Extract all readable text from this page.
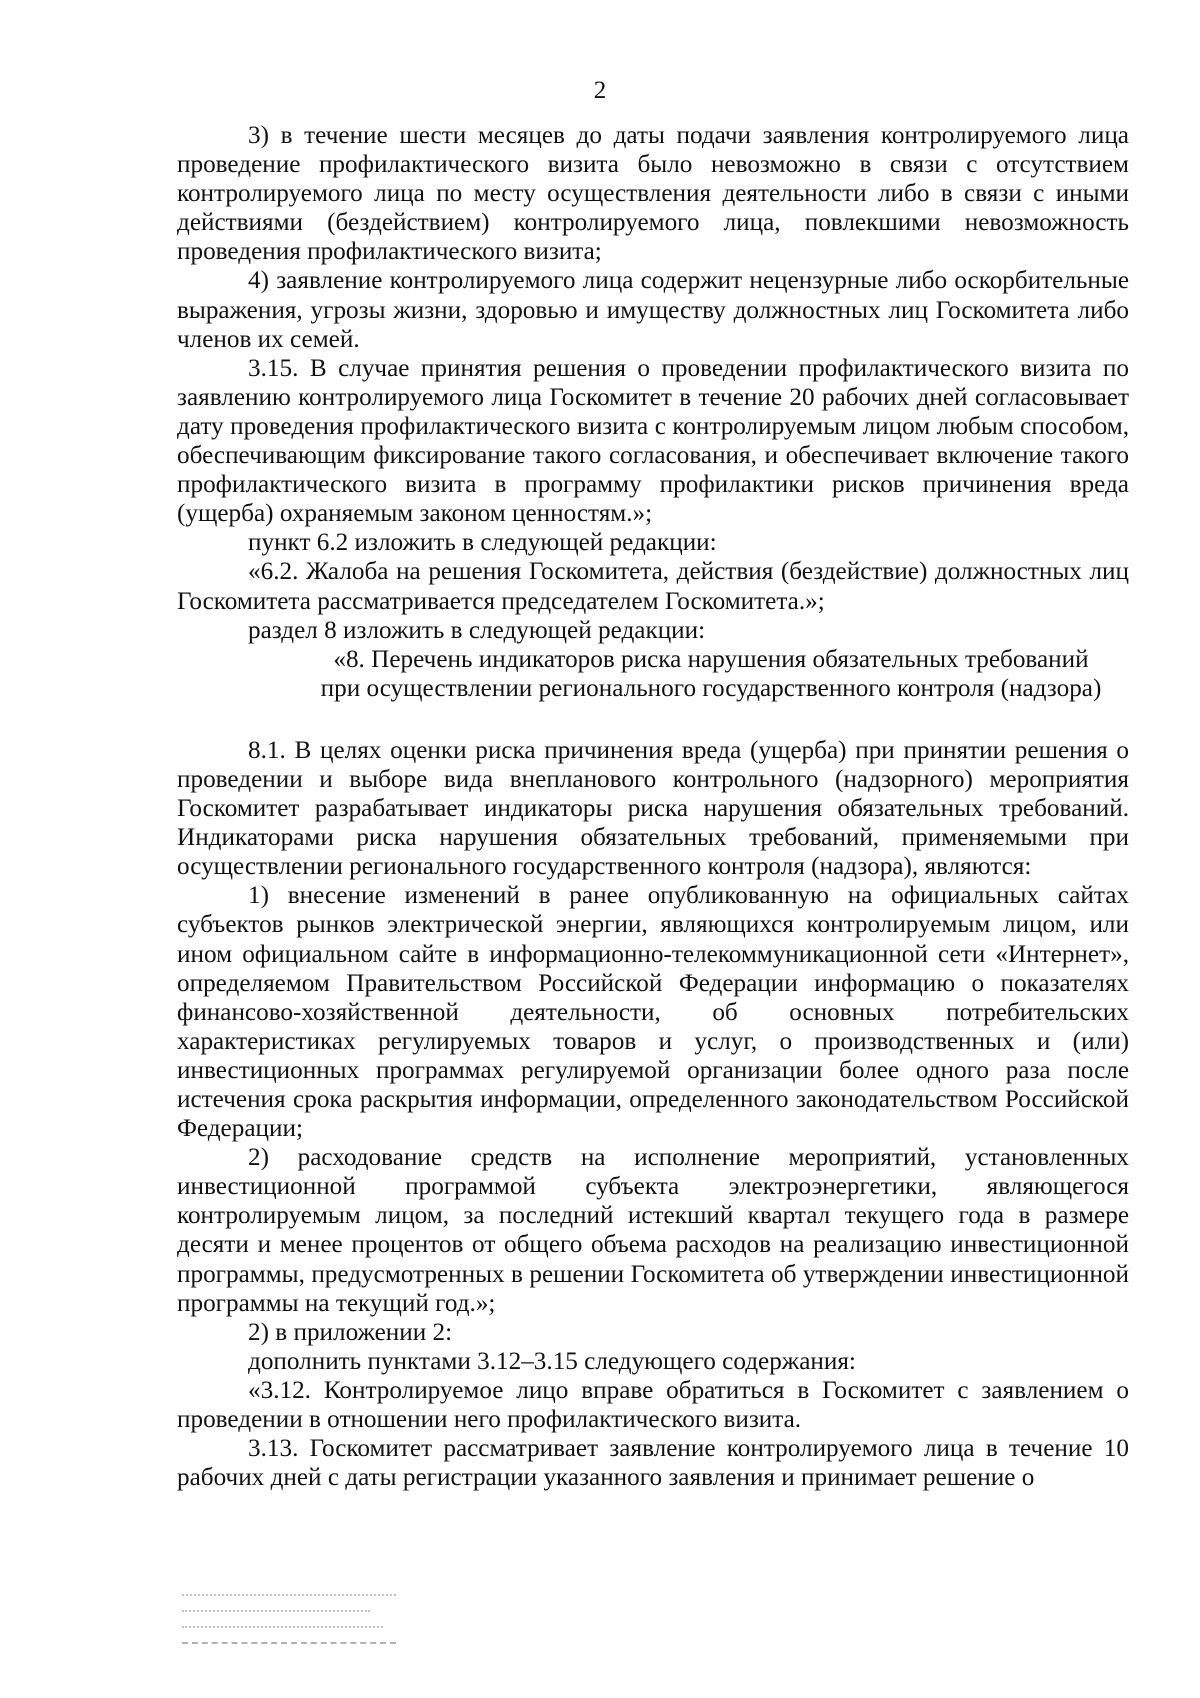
2

3) в течение шести месяцев до даты подачи заявления контролируемого лица проведение профилактического визита было невозможно в связи с отсутствием контролируемого лица по месту осуществления деятельности либо в связи с иными действиями (бездействием) контролируемого лица, повлекшими невозможность проведения профилактического визита;

4) заявление контролируемого лица содержит нецензурные либо оскорбительные выражения, угрозы жизни, здоровью и имуществу должностных лиц Госкомитета либо членов их семей.

3.15. В случае принятия решения о проведении профилактического визита по заявлению контролируемого лица Госкомитет в течение 20 рабочих дней согласовывает дату проведения профилактического визита с контролируемым лицом любым способом, обеспечивающим фиксирование такого согласования, и обеспечивает включение такого профилактического визита в программу профилактики рисков причинения вреда (ущерба) охраняемым законом ценностям.»;

пункт 6.2 изложить в следующей редакции:

«6.2. Жалоба на решения Госкомитета, действия (бездействие) должностных лиц Госкомитета рассматривается председателем Госкомитета.»;

раздел 8 изложить в следующей редакции:

«8. Перечень индикаторов риска нарушения обязательных требований

при осуществлении регионального государственного контроля (надзора)

8.1. В целях оценки риска причинения вреда (ущерба) при принятии решения о проведении и выборе вида внепланового контрольного (надзорного) мероприятия Госкомитет разрабатывает индикаторы риска нарушения обязательных требований. Индикаторами риска нарушения обязательных требований, применяемыми при осуществлении регионального государственного контроля (надзора), являются:

1) внесение изменений в ранее опубликованную на официальных сайтах субъектов рынков электрической энергии, являющихся контролируемым лицом, или ином официальном сайте в информационно-телекоммуникационной сети «Интернет», определяемом Правительством Российской Федерации информацию о показателях финансово-хозяйственной деятельности, об основных потребительских характеристиках регулируемых товаров и услуг, о производственных и (или) инвестиционных программах регулируемой организации более одного раза после истечения срока раскрытия информации, определенного законодательством Российской Федерации;

2) расходование средств на исполнение мероприятий, установленных инвестиционной программой субъекта электроэнергетики, являющегося контролируемым лицом, за последний истекший квартал текущего года в размере десяти и менее процентов от общего объема расходов на реализацию инвестиционной программы, предусмотренных в решении Госкомитета об утверждении инвестиционной программы на текущий год.»;

2) в приложении 2:

дополнить пунктами 3.12–3.15 следующего содержания:

«3.12. Контролируемое лицо вправе обратиться в Госкомитет с заявлением о проведении в отношении него профилактического визита.

3.13. Госкомитет рассматривает заявление контролируемого лица в течение 10 рабочих дней с даты регистрации указанного заявления и принимает решение о
